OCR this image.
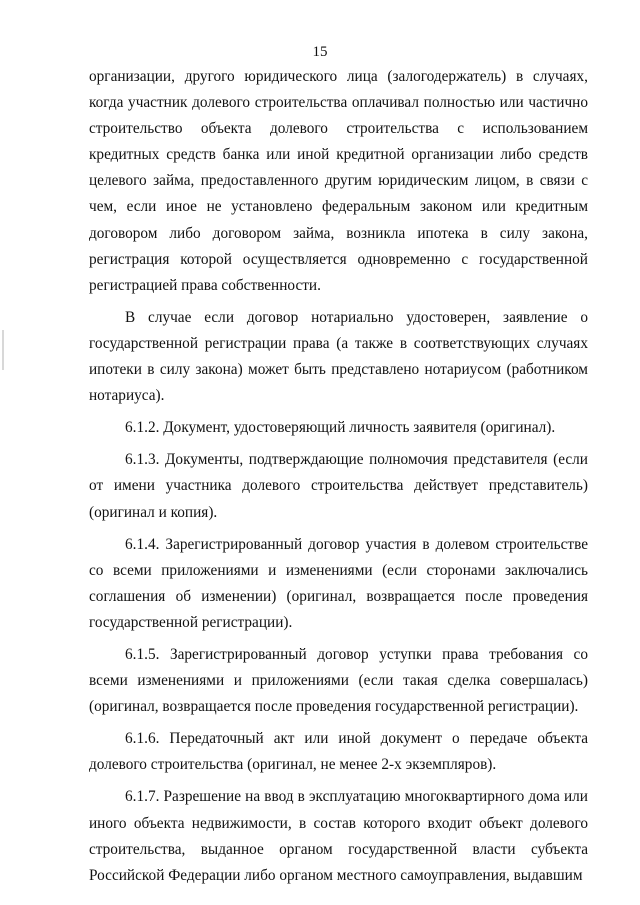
15

организации, другого юридического лица (залогодержатель) в случаях, когда участник долевого строительства оплачивал полностью или частично строительство объекта долевого строительства с использованием кредитных средств банка или иной кредитной организации либо средств целевого займа, предоставленного другим юридическим лицом, в связи с чем, если иное не установлено федеральным законом или кредитным договором либо договором займа, возникла ипотека в силу закона, регистрация которой осуществляется одновременно с государственной регистрацией права собственности.

В случае если договор нотариально удостоверен, заявление о государственной регистрации права (а также в соответствующих случаях ипотеки в силу закона) может быть представлено нотариусом (работником нотариуса).

6.1.2. Документ, удостоверяющий личность заявителя (оригинал).

6.1.3. Документы, подтверждающие полномочия представителя (если от имени участника долевого строительства действует представитель) (оригинал и копия).

6.1.4. Зарегистрированный договор участия в долевом строительстве со всеми приложениями и изменениями (если сторонами заключались соглашения об изменении) (оригинал, возвращается после проведения государственной регистрации).

6.1.5. Зарегистрированный договор уступки права требования со всеми изменениями и приложениями (если такая сделка совершалась) (оригинал, возвращается после проведения государственной регистрации).

6.1.6. Передаточный акт или иной документ о передаче объекта долевого строительства (оригинал, не менее 2-х экземпляров).

6.1.7. Разрешение на ввод в эксплуатацию многоквартирного дома или иного объекта недвижимости, в состав которого входит объект долевого строительства, выданное органом государственной власти субъекта Российской Федерации либо органом местного самоуправления, выдавшим
